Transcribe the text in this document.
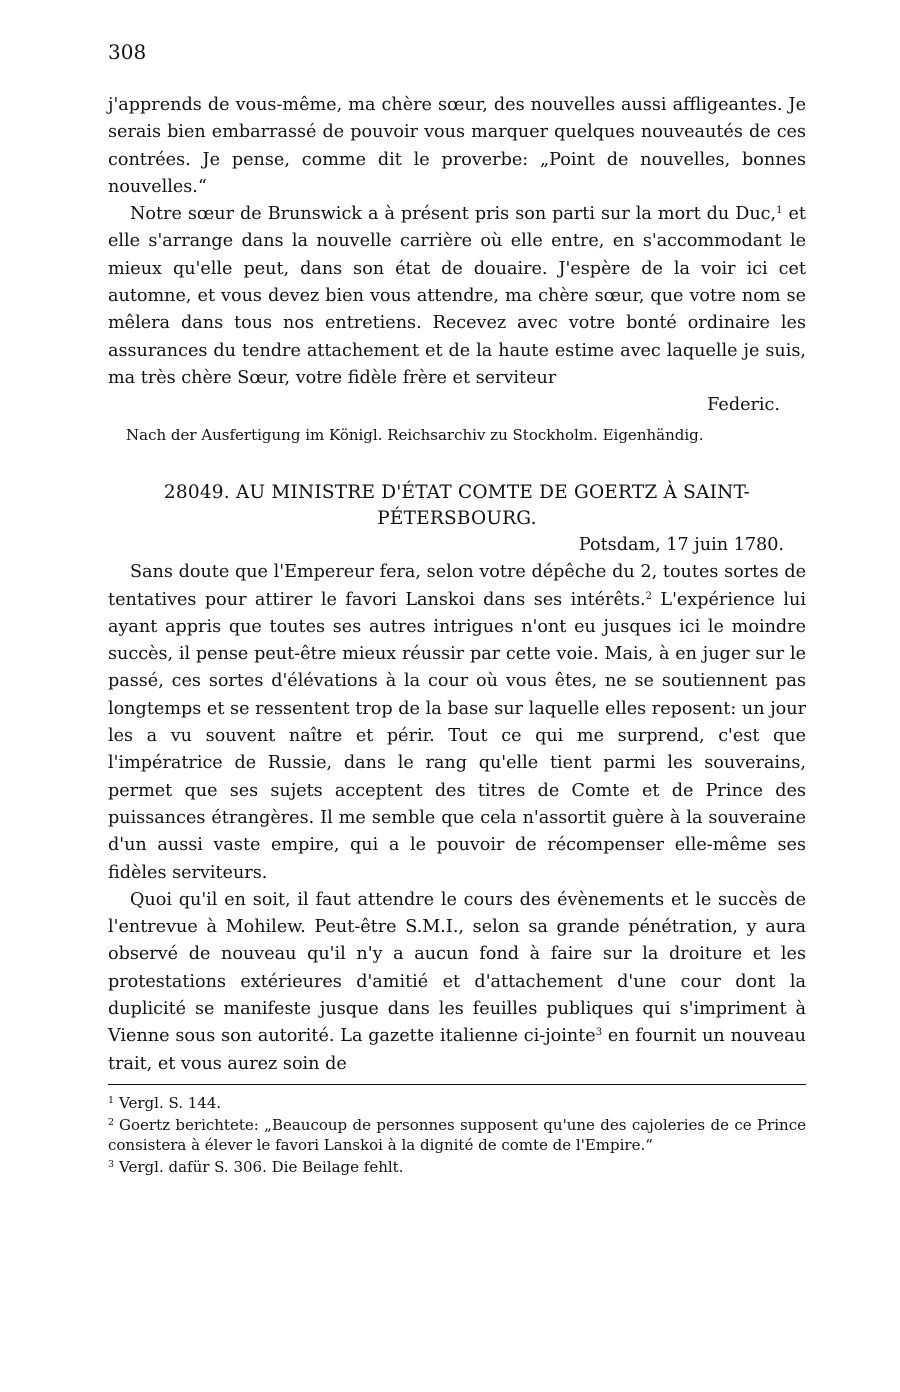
308

j'apprends de vous-même, ma chère sœur, des nouvelles aussi affligeantes. Je serais bien embarrassé de pouvoir vous marquer quelques nouveautés de ces contrées. Je pense, comme dit le proverbe: „Point de nouvelles, bonnes nouvelles.“

Notre sœur de Brunswick a à présent pris son parti sur la mort du Duc,$^1$ et elle s'arrange dans la nouvelle carrière où elle entre, en s'accommodant le mieux qu'elle peut, dans son état de douaire. J'espère de la voir ici cet automne, et vous devez bien vous attendre, ma chère sœur, que votre nom se mêlera dans tous nos entretiens. Recevez avec votre bonté ordinaire les assurances du tendre attachement et de la haute estime avec laquelle je suis, ma très chère Sœur, votre fidèle frère et serviteur

Federic.

Nach der Ausfertigung im Königl. Reichsarchiv zu Stockholm. Eigenhändig.

28049. AU MINISTRE D'ÉTAT COMTE DE GOERTZ À SAINT-

PÉTERSBOURG.

Potsdam, 17 juin 1780.

Sans doute que l'Empereur fera, selon votre dépêche du 2, toutes sortes de tentatives pour attirer le favori Lanskoi dans ses intérêts.$^2$ L'expérience lui ayant appris que toutes ses autres intrigues n'ont eu jusques ici le moindre succès, il pense peut-être mieux réussir par cette voie. Mais, à en juger sur le passé, ces sortes d'élévations à la cour où vous êtes, ne se soutiennent pas longtemps et se ressentent trop de la base sur laquelle elles reposent: un jour les a vu souvent naître et périr. Tout ce qui me surprend, c'est que l'impératrice de Russie, dans le rang qu'elle tient parmi les souverains, permet que ses sujets acceptent des titres de Comte et de Prince des puissances étrangères. Il me semble que cela n'assortit guère à la souveraine d'un aussi vaste empire, qui a le pouvoir de récompenser elle-même ses fidèles serviteurs.

Quoi qu'il en soit, il faut attendre le cours des évènements et le succès de l'entrevue à Mohilew. Peut-être S.M.I., selon sa grande pénétration, y aura observé de nouveau qu'il n'y a aucun fond à faire sur la droiture et les protestations extérieures d'amitié et d'attachement d'une cour dont la duplicité se manifeste jusque dans les feuilles publiques qui s'impriment à Vienne sous son autorité. La gazette italienne ci-jointe$^3$ en fournit un nouveau trait, et vous aurez soin de

$^1$ Vergl. S. 144.

$^2$ Goertz berichtete: „Beaucoup de personnes supposent qu'une des cajoleries de ce Prince consistera à élever le favori Lanskoi à la dignité de comte de l'Empire.“

$^3$ Vergl. dafür S. 306. Die Beilage fehlt.
